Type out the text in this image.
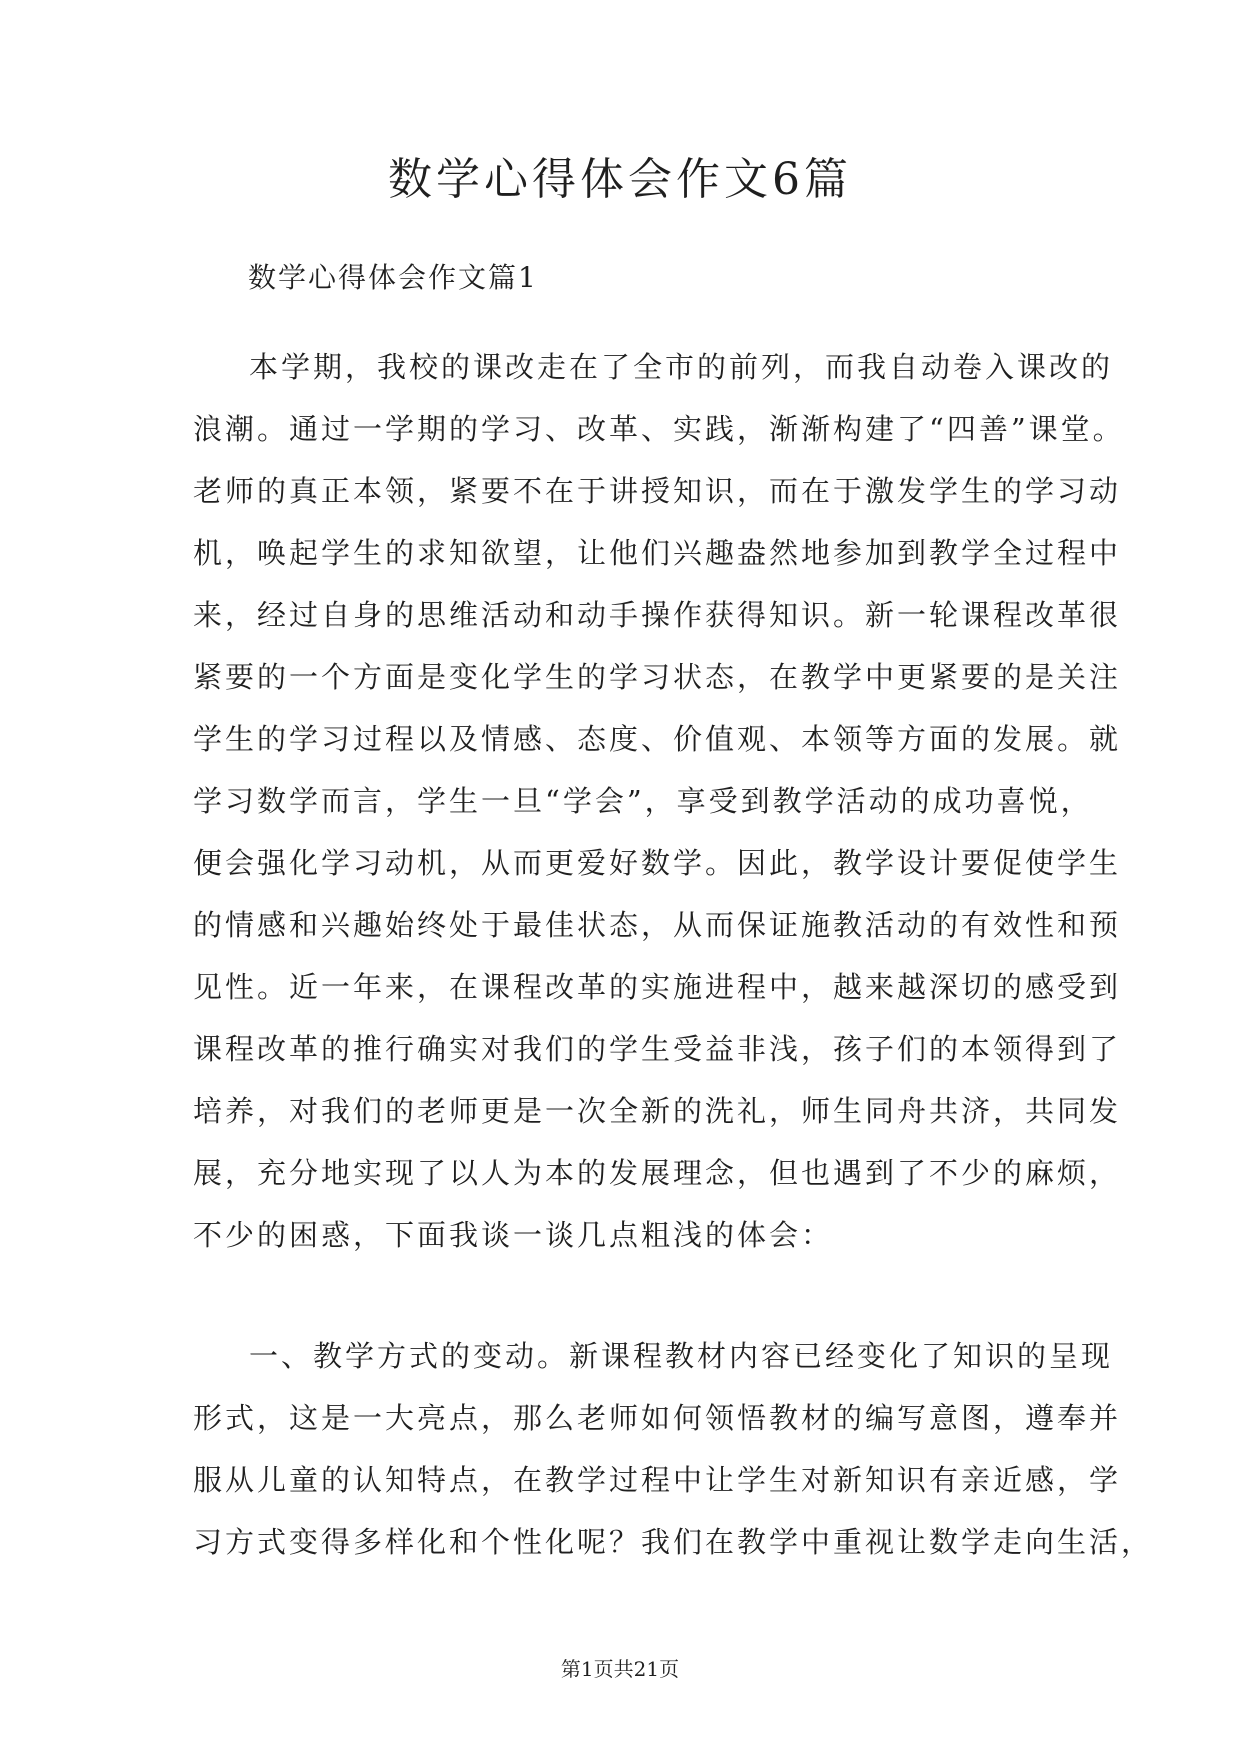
数学心得体会作文6篇

数学心得体会作文篇1

本学期，我校的课改走在了全市的前列，而我自动卷入课改的
浪潮。通过一学期的学习、改革、实践，渐渐构建了“四善”课堂。
老师的真正本领，紧要不在于讲授知识，而在于激发学生的学习动
机，唤起学生的求知欲望，让他们兴趣盎然地参加到教学全过程中
来，经过自身的思维活动和动手操作获得知识。新一轮课程改革很
紧要的一个方面是变化学生的学习状态，在教学中更紧要的是关注
学生的学习过程以及情感、态度、价值观、本领等方面的发展。就
学习数学而言，学生一旦“学会”，享受到教学活动的成功喜悦，
便会强化学习动机，从而更爱好数学。因此，教学设计要促使学生
的情感和兴趣始终处于最佳状态，从而保证施教活动的有效性和预
见性。近一年来，在课程改革的实施进程中，越来越深切的感受到
课程改革的推行确实对我们的学生受益非浅，孩子们的本领得到了
培养，对我们的老师更是一次全新的洗礼，师生同舟共济，共同发
展，充分地实现了以人为本的发展理念，但也遇到了不少的麻烦，
不少的困惑，下面我谈一谈几点粗浅的体会：
一、教学方式的变动。新课程教材内容已经变化了知识的呈现
形式，这是一大亮点，那么老师如何领悟教材的编写意图，遵奉并
服从儿童的认知特点，在教学过程中让学生对新知识有亲近感，学
习方式变得多样化和个性化呢？我们在教学中重视让数学走向生活，
第1页共21页
